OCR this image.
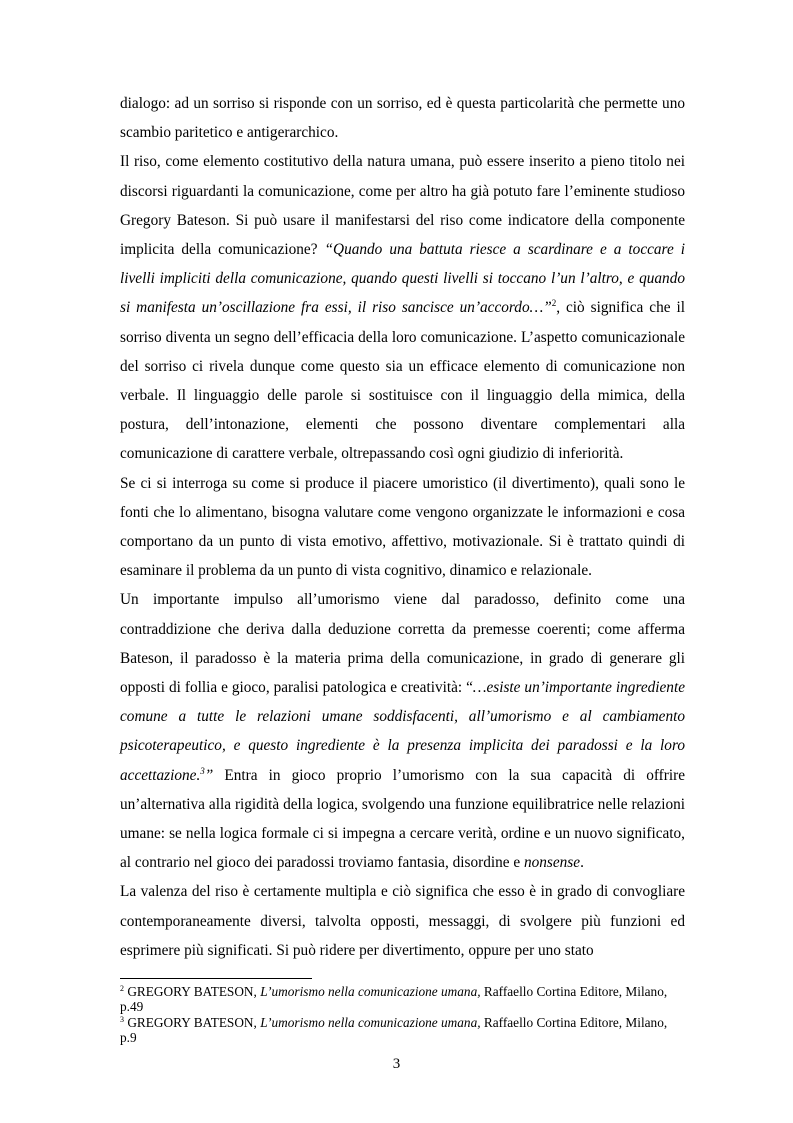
dialogo: ad un sorriso si risponde con un sorriso, ed è questa particolarità che permette uno scambio paritetico e antigerarchico.

Il riso, come elemento costitutivo della natura umana, può essere inserito a pieno titolo nei discorsi riguardanti la comunicazione, come per altro ha già potuto fare l’eminente studioso Gregory Bateson. Si può usare il manifestarsi del riso come indicatore della componente implicita della comunicazione? “Quando una battuta riesce a scardinare e a toccare i livelli impliciti della comunicazione, quando questi livelli si toccano l’un l’altro, e quando si manifesta un’oscillazione fra essi, il riso sancisce un’accordo…”$^2$, ciò significa che il sorriso diventa un segno dell’efficacia della loro comunicazione. L’aspetto comunicazionale del sorriso ci rivela dunque come questo sia un efficace elemento di comunicazione non verbale. Il linguaggio delle parole si sostituisce con il linguaggio della mimica, della postura, dell’intonazione, elementi che possono diventare complementari alla comunicazione di carattere verbale, oltrepassando così ogni giudizio di inferiorità.

Se ci si interroga su come si produce il piacere umoristico (il divertimento), quali sono le fonti che lo alimentano, bisogna valutare come vengono organizzate le informazioni e cosa comportano da un punto di vista emotivo, affettivo, motivazionale. Si è trattato quindi di esaminare il problema da un punto di vista cognitivo, dinamico e relazionale.

Un importante impulso all’umorismo viene dal paradosso, definito come una contraddizione che deriva dalla deduzione corretta da premesse coerenti; come afferma Bateson, il paradosso è la materia prima della comunicazione, in grado di generare gli opposti di follia e gioco, paralisi patologica e creatività: “…esiste un’importante ingrediente comune a tutte le relazioni umane soddisfacenti, all’umorismo e al cambiamento psicoterapeutico, e questo ingrediente è la presenza implicita dei paradossi e la loro accettazione.$^3$” Entra in gioco proprio l’umorismo con la sua capacità di offrire un’alternativa alla rigidità della logica, svolgendo una funzione equilibratrice nelle relazioni umane: se nella logica formale ci si impegna a cercare verità, ordine e un nuovo significato, al contrario nel gioco dei paradossi troviamo fantasia, disordine e nonsense.

La valenza del riso è certamente multipla e ciò significa che esso è in grado di convogliare contemporaneamente diversi, talvolta opposti, messaggi, di svolgere più funzioni ed esprimere più significati. Si può ridere per divertimento, oppure per uno stato

$^2$ GREGORY BATESON, L’umorismo nella comunicazione umana, Raffaello Cortina Editore, Milano, p.49
$^3$ GREGORY BATESON, L’umorismo nella comunicazione umana, Raffaello Cortina Editore, Milano, p.9
3
